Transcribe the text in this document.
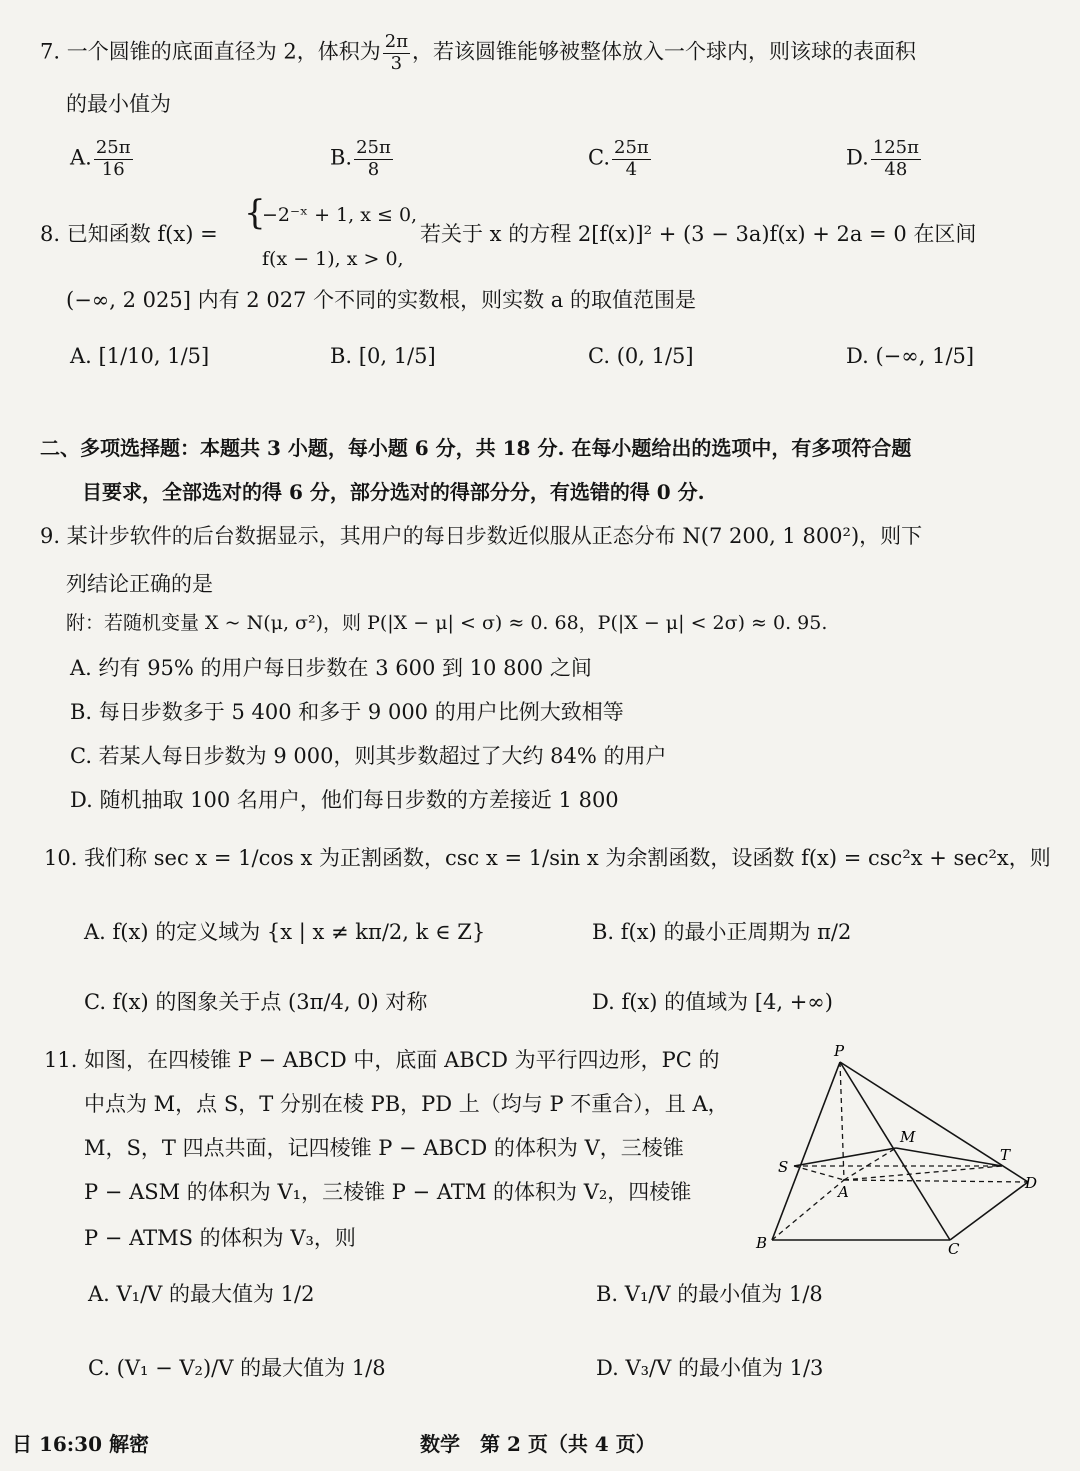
7. 一个圆锥的底面直径为 2，体积为 $\frac{2\pi}{3}$ ，若该圆锥能够被整体放入一个球内，则该球的表面积
的最小值为
A. $\frac{25\pi}{16}$	B. $\frac{25\pi}{8}$	C. $\frac{25\pi}{4}$	D. $\frac{125\pi}{48}$
8. 已知函数 f(x) =
{
−2⁻ˣ + 1, x ≤ 0,
f(x − 1), x > 0,
若关于 x 的方程 2[f(x)]² + (3 − 3a)f(x) + 2a = 0 在区间
(−∞, 2 025] 内有 2 027 个不同的实数根，则实数 a 的取值范围是
A. [1/10, 1/5]	B. [0, 1/5]	C. (0, 1/5]	D. (−∞, 1/5]
二、多项选择题：本题共 3 小题，每小题 6 分，共 18 分. 在每小题给出的选项中，有多项符合题
目要求，全部选对的得 6 分，部分选对的得部分分，有选错的得 0 分.
9. 某计步软件的后台数据显示，其用户的每日步数近似服从正态分布 N(7 200, 1 800²)，则下
列结论正确的是
附：若随机变量 X ~ N(μ, σ²)，则 P(|X − μ| < σ) ≈ 0. 68，P(|X − μ| < 2σ) ≈ 0. 95.
A. 约有 95% 的用户每日步数在 3 600 到 10 800 之间
B. 每日步数多于 5 400 和多于 9 000 的用户比例大致相等
C. 若某人每日步数为 9 000，则其步数超过了大约 84% 的用户
D. 随机抽取 100 名用户，他们每日步数的方差接近 1 800
10. 我们称 sec x = 1/cos x 为正割函数，csc x = 1/sin x 为余割函数，设函数 f(x) = csc²x + sec²x，则
A. f(x) 的定义域为 {x | x ≠ kπ/2, k ∈ Z}	B. f(x) 的最小正周期为 π/2
C. f(x) 的图象关于点 (3π/4, 0) 对称	D. f(x) 的值域为 [4, +∞)
11. 如图，在四棱锥 P − ABCD 中，底面 ABCD 为平行四边形，PC 的
中点为 M，点 S，T 分别在棱 PB，PD 上（均与 P 不重合），且 A，
M，S，T 四点共面，记四棱锥 P − ABCD 的体积为 V，三棱锥
P − ASM 的体积为 V₁，三棱锥 P − ATM 的体积为 V₂，四棱锥
P − ATMS 的体积为 V₃，则
P
M
T
S
A	D
B	C
A. V₁/V 的最大值为 1/2	B. V₁/V 的最小值为 1/8
C. (V₁ − V₂)/V 的最大值为 1/8	D. V₃/V 的最小值为 1/3
日 16:30 解密	数学　第 2 页（共 4 页）
